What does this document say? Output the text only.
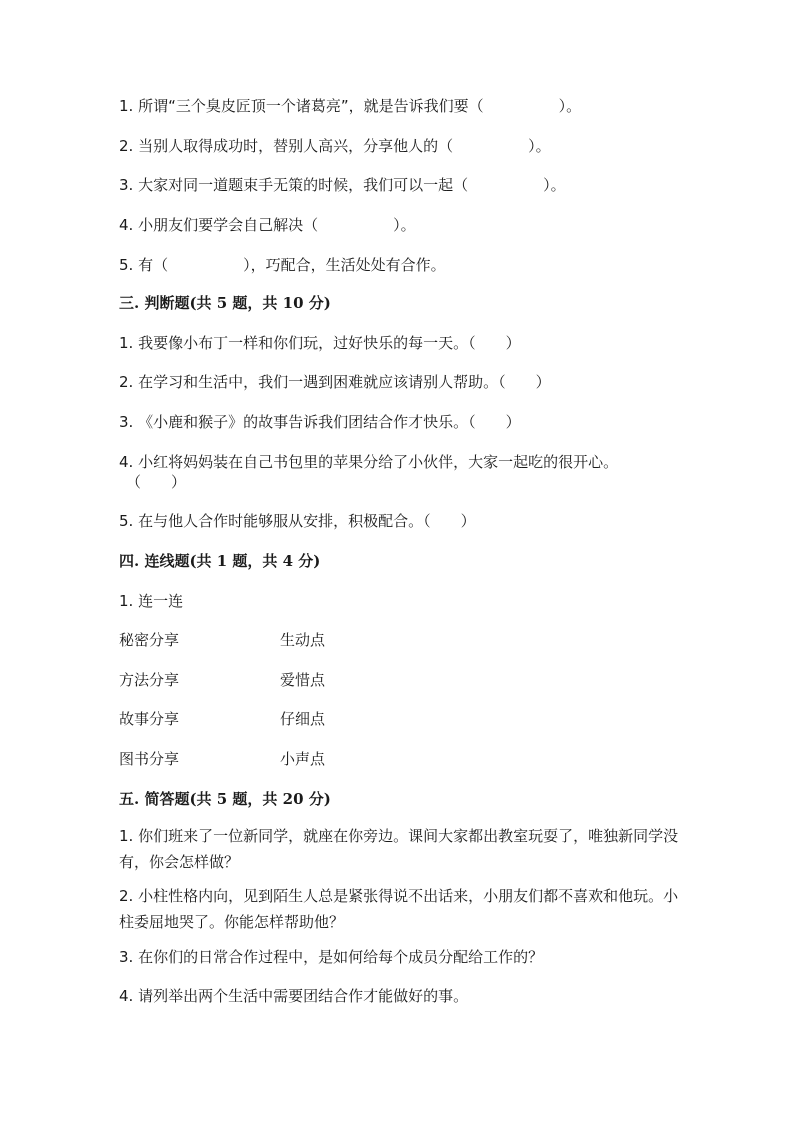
1. 所谓“三个臭皮匠顶一个诸葛亮”，就是告诉我们要（　　　　　）。
2. 当别人取得成功时，替别人高兴，分享他人的（　　　　　）。
3. 大家对同一道题束手无策的时候，我们可以一起（　　　　　）。
4. 小朋友们要学会自己解决（　　　　　）。
5. 有（　　　　　），巧配合，生活处处有合作。
三. 判断题(共 5 题，共 10 分)
1. 我要像小布丁一样和你们玩，过好快乐的每一天。（　　）
2. 在学习和生活中，我们一遇到困难就应该请别人帮助。（　　）
3. 《小鹿和猴子》的故事告诉我们团结合作才快乐。（　　）
4. 小红将妈妈装在自己书包里的苹果分给了小伙伴，大家一起吃的很开心。
（　　）
5. 在与他人合作时能够服从安排，积极配合。（　　）
四. 连线题(共 1 题，共 4 分)
1. 连一连
秘密分享	生动点
方法分享	爱惜点
故事分享	仔细点
图书分享	小声点
五. 简答题(共 5 题，共 20 分)
1. 你们班来了一位新同学，就座在你旁边。课间大家都出教室玩耍了，唯独新同学没有，你会怎样做？
2. 小柱性格内向，见到陌生人总是紧张得说不出话来，小朋友们都不喜欢和他玩。小柱委屈地哭了。你能怎样帮助他？
3. 在你们的日常合作过程中，是如何给每个成员分配给工作的？
4. 请列举出两个生活中需要团结合作才能做好的事。
